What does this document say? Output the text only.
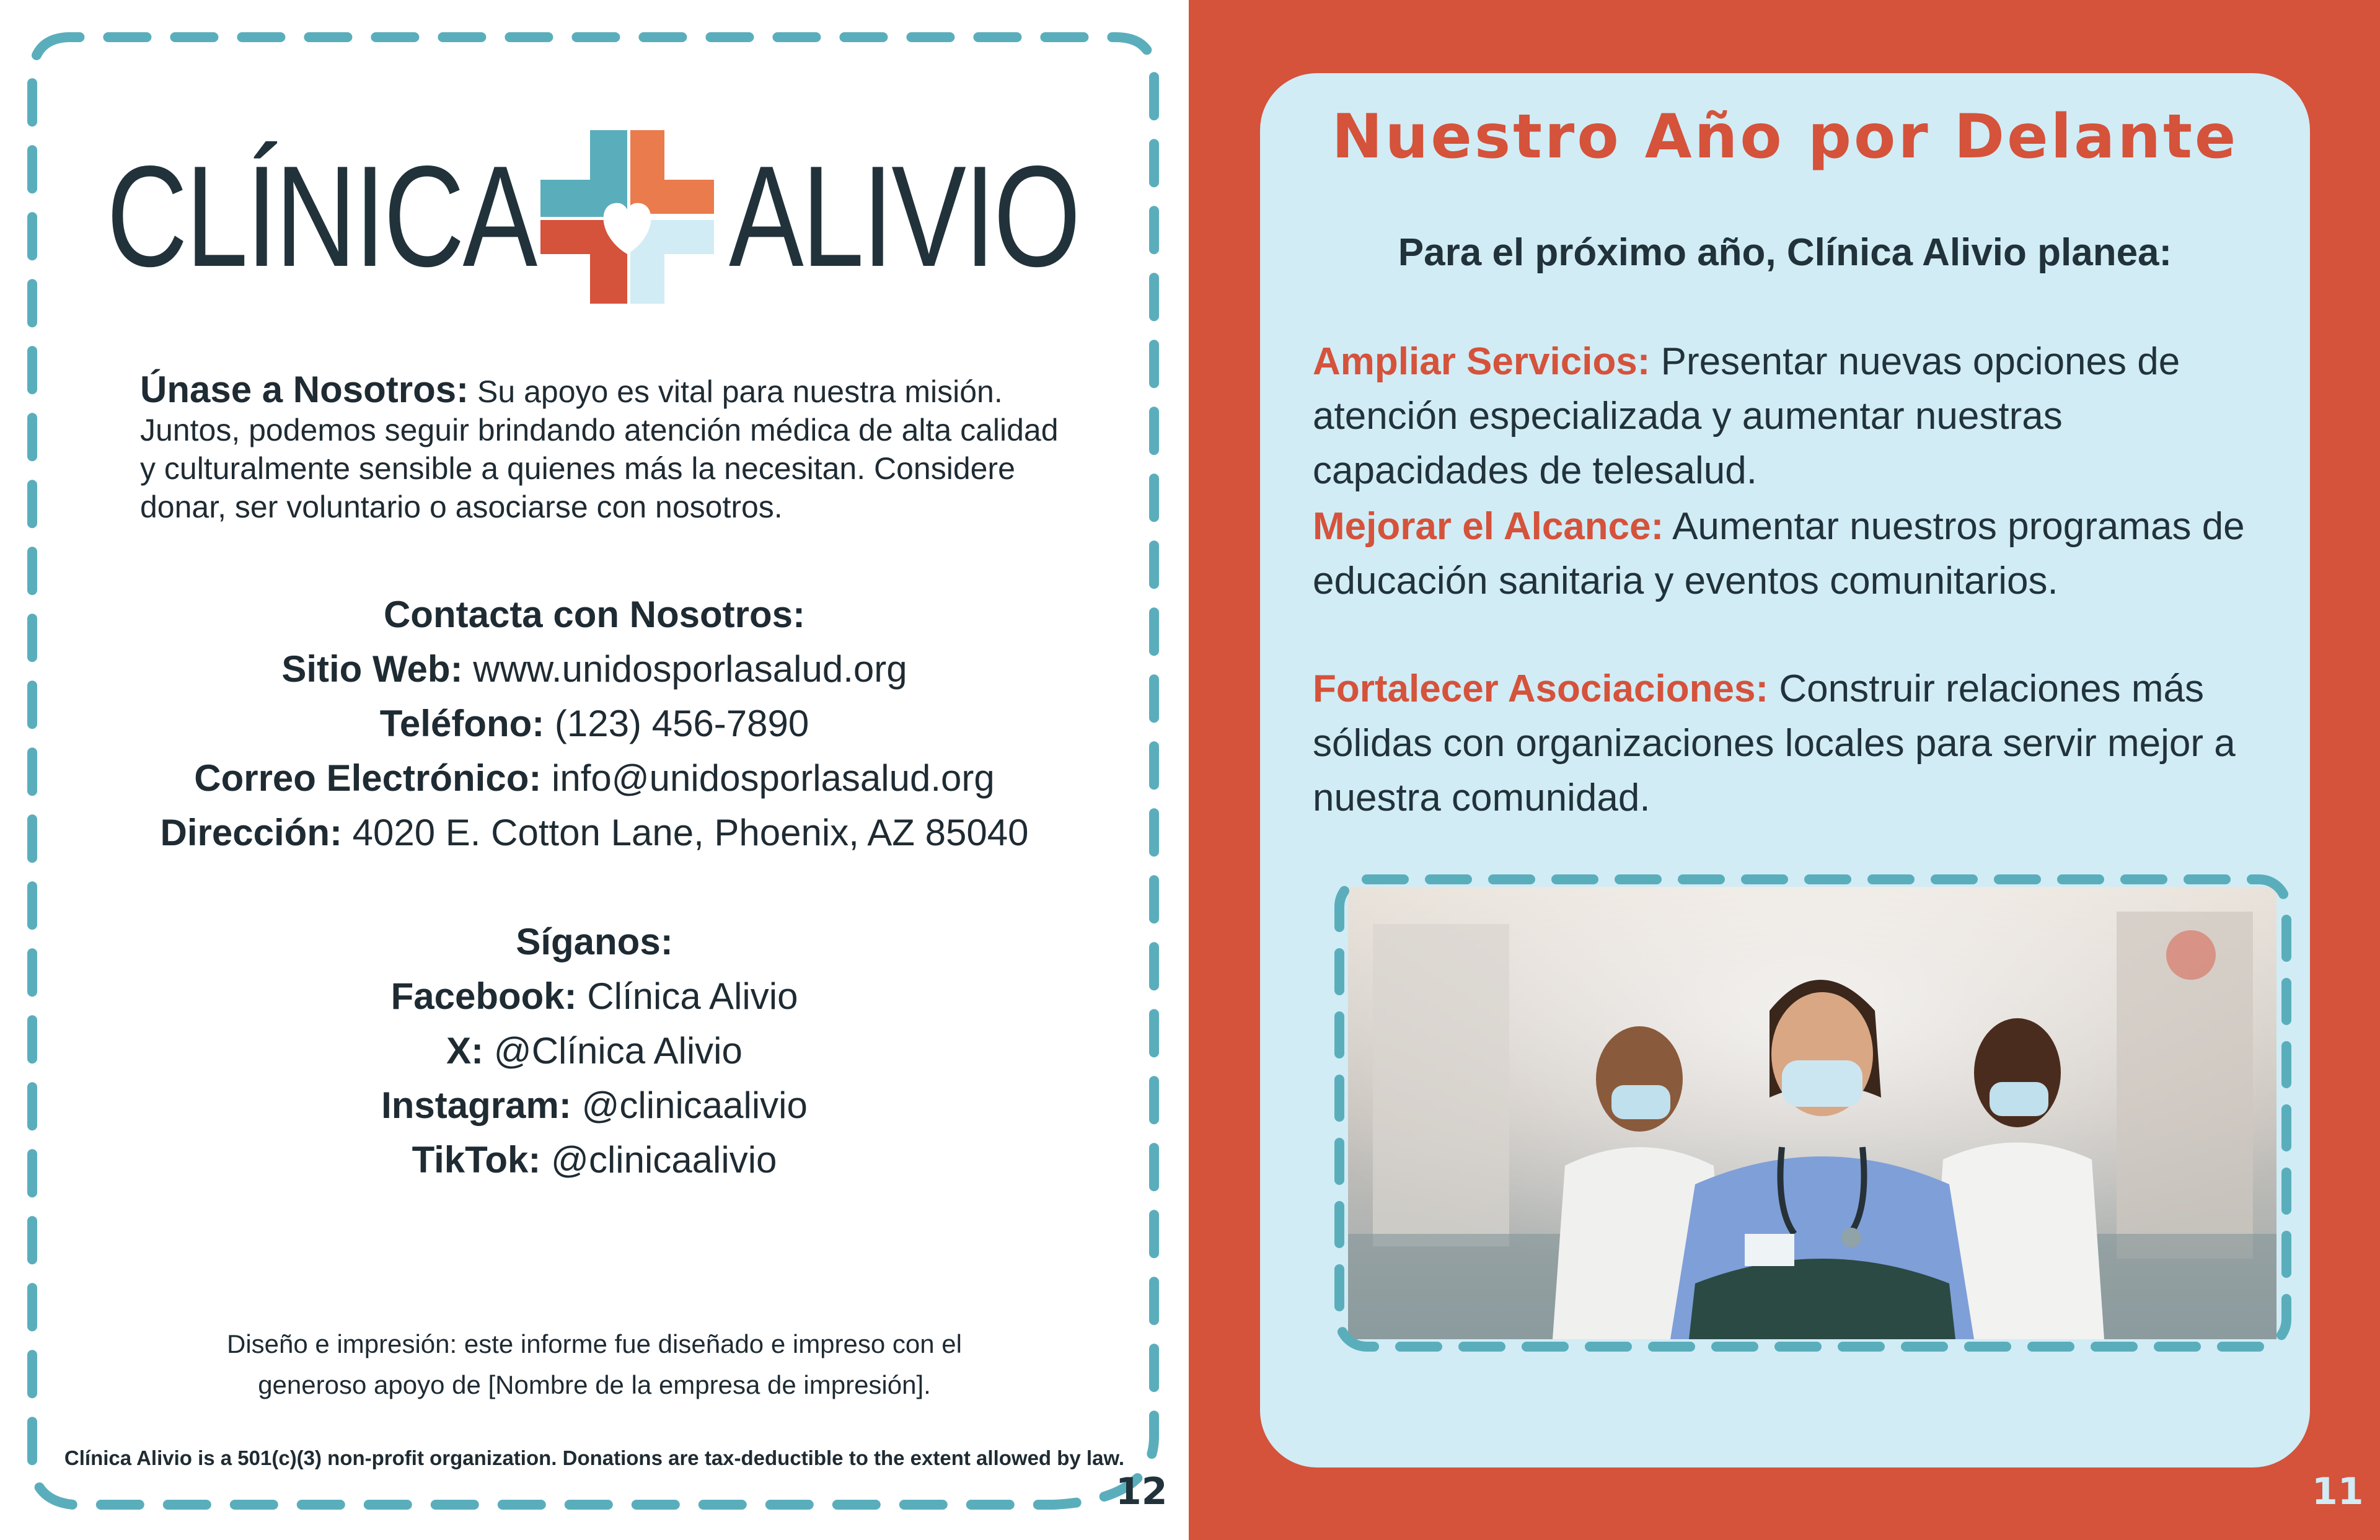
CLÍNICA ALIVIO
Únase a Nosotros: Su apoyo es vital para nuestra misión.
Juntos, podemos seguir brindando atención médica de alta calidad y culturalmente sensible a quienes más la necesitan. Considere donar, ser voluntario o asociarse con nosotros.
Contacta con Nosotros:
Sitio Web: www.unidosporlasalud.org
Teléfono: (123) 456-7890
Correo Electrónico: info@unidosporlasalud.org
Dirección: 4020 E. Cotton Lane, Phoenix, AZ 85040
Síganos:
Facebook: Clínica Alivio
X: @Clínica Alivio
Instagram: @clinicaalivio
TikTok: @clinicaalivio
Diseño e impresión: este informe fue diseñado e impreso con el
generoso apoyo de [Nombre de la empresa de impresión].
Clínica Alivio is a 501(c)(3) non-profit organization. Donations are tax-deductible to the extent allowed by law.
12
Nuestro Año por Delante
Para el próximo año, Clínica Alivio planea:
Ampliar Servicios: Presentar nuevas opciones de atención especializada y aumentar nuestras capacidades de telesalud.
Mejorar el Alcance: Aumentar nuestros programas de educación sanitaria y eventos comunitarios.
Fortalecer Asociaciones: Construir relaciones más sólidas con organizaciones locales para servir mejor a nuestra comunidad.
11
